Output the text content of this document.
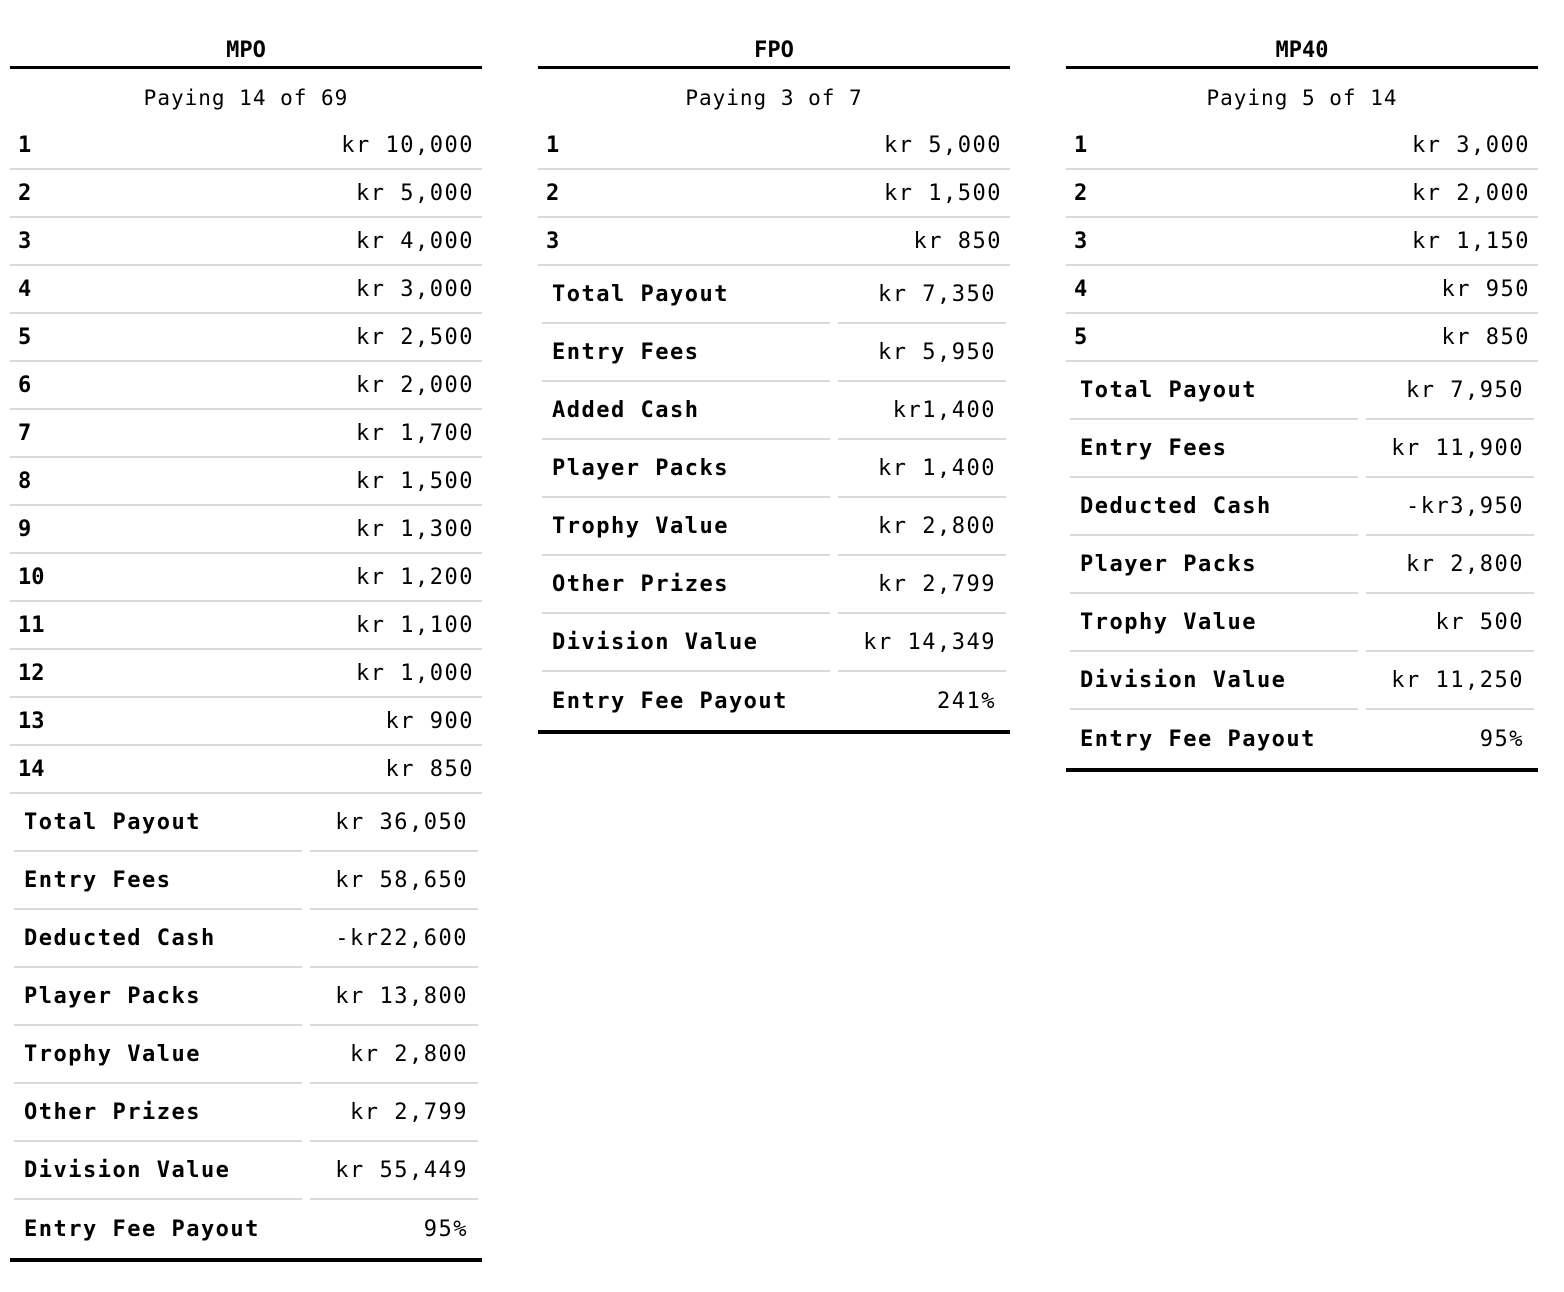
MPO
Paying 14 of 69
1	kr 10,000
2	kr 5,000
3	kr 4,000
4	kr 3,000
5	kr 2,500
6	kr 2,000
7	kr 1,700
8	kr 1,500
9	kr 1,300
10	kr 1,200
11	kr 1,100
12	kr 1,000
13	kr 900
14	kr 850
Total Payout	kr 36,050
Entry Fees	kr 58,650
Deducted Cash	-kr22,600
Player Packs	kr 13,800
Trophy Value	kr 2,800
Other Prizes	kr 2,799
Division Value	kr 55,449
Entry Fee Payout	95%
FPO
Paying 3 of 7
1	kr 5,000
2	kr 1,500
3	kr 850
Total Payout	kr 7,350
Entry Fees	kr 5,950
Added Cash	kr1,400
Player Packs	kr 1,400
Trophy Value	kr 2,800
Other Prizes	kr 2,799
Division Value	kr 14,349
Entry Fee Payout	241%
MP40
Paying 5 of 14
1	kr 3,000
2	kr 2,000
3	kr 1,150
4	kr 950
5	kr 850
Total Payout	kr 7,950
Entry Fees	kr 11,900
Deducted Cash	-kr3,950
Player Packs	kr 2,800
Trophy Value	kr 500
Division Value	kr 11,250
Entry Fee Payout	95%
